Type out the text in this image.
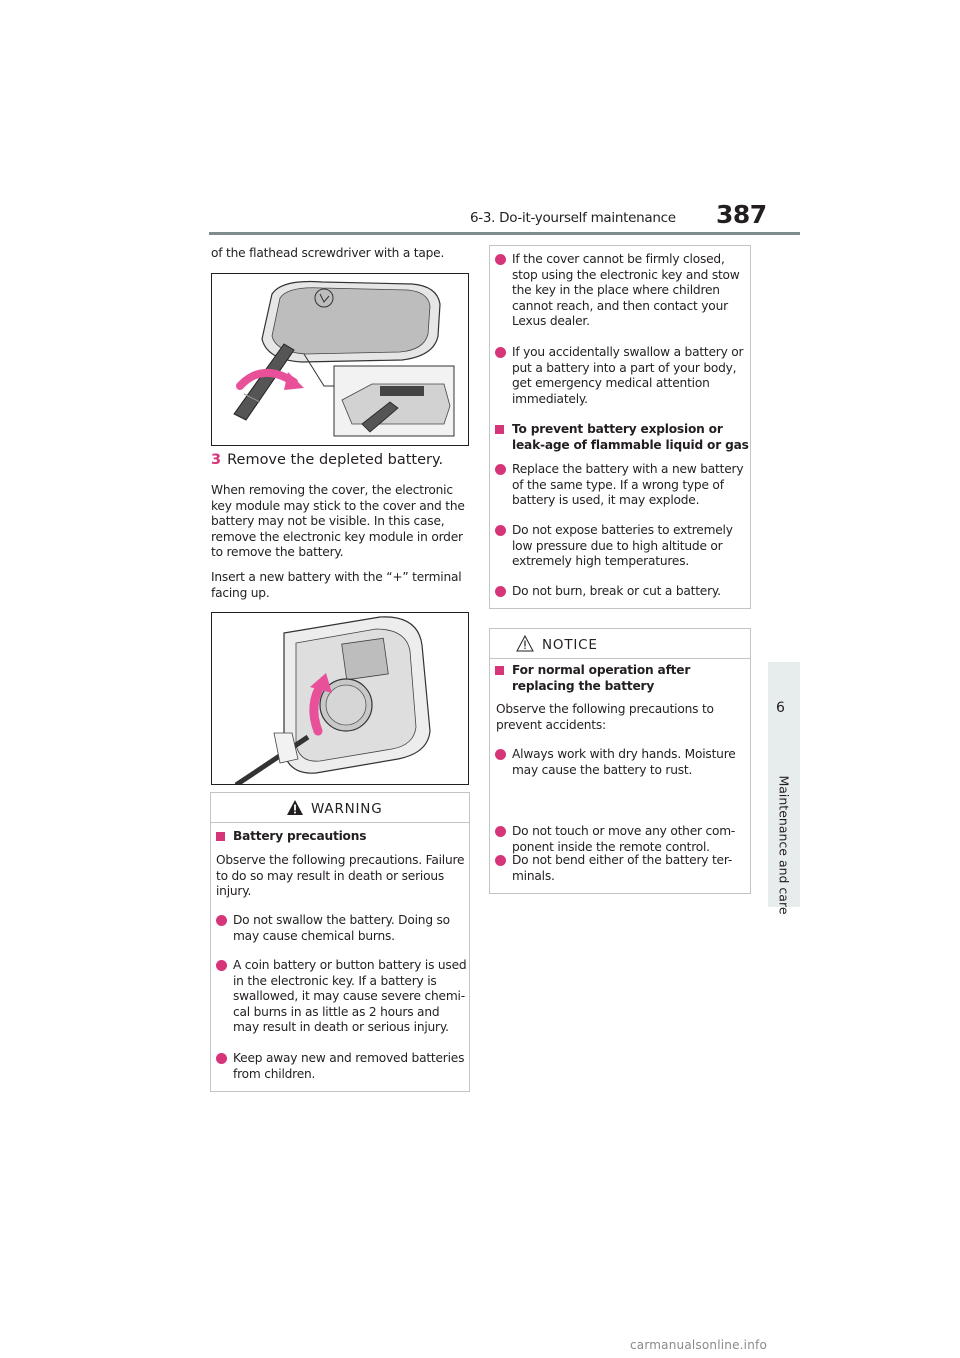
6-3. Do-it-yourself maintenance 387
6
Maintenance and care
of the flathead screwdriver with a tape.
3 Remove the depleted battery.
When removing the cover, the electronic key module may stick to the cover and the battery may not be visible. In this case, remove the electronic key module in order to remove the battery.
Insert a new battery with the “+” terminal facing up.
WARNING
Battery precautions
Observe the following precautions. Failure to do so may result in death or serious injury.
Do not swallow the battery. Doing so may cause chemical burns.
A coin battery or button battery is used in the electronic key. If a battery is swallowed, it may cause severe chemi-cal burns in as little as 2 hours and may result in death or serious injury.
Keep away new and removed batteries from children.
If the cover cannot be firmly closed, stop using the electronic key and stow the key in the place where children cannot reach, and then contact your Lexus dealer.
If you accidentally swallow a battery or put a battery into a part of your body, get emergency medical attention immediately.
To prevent battery explosion or leak-age of flammable liquid or gas
Replace the battery with a new battery of the same type. If a wrong type of battery is used, it may explode.
Do not expose batteries to extremely low pressure due to high altitude or extremely high temperatures.
Do not burn, break or cut a battery.
NOTICE
For normal operation after replacing the battery
Observe the following precautions to prevent accidents:
Always work with dry hands. Moisture may cause the battery to rust.
Do not touch or move any other com-ponent inside the remote control.
Do not bend either of the battery ter-minals.
carmanualsonline.info
